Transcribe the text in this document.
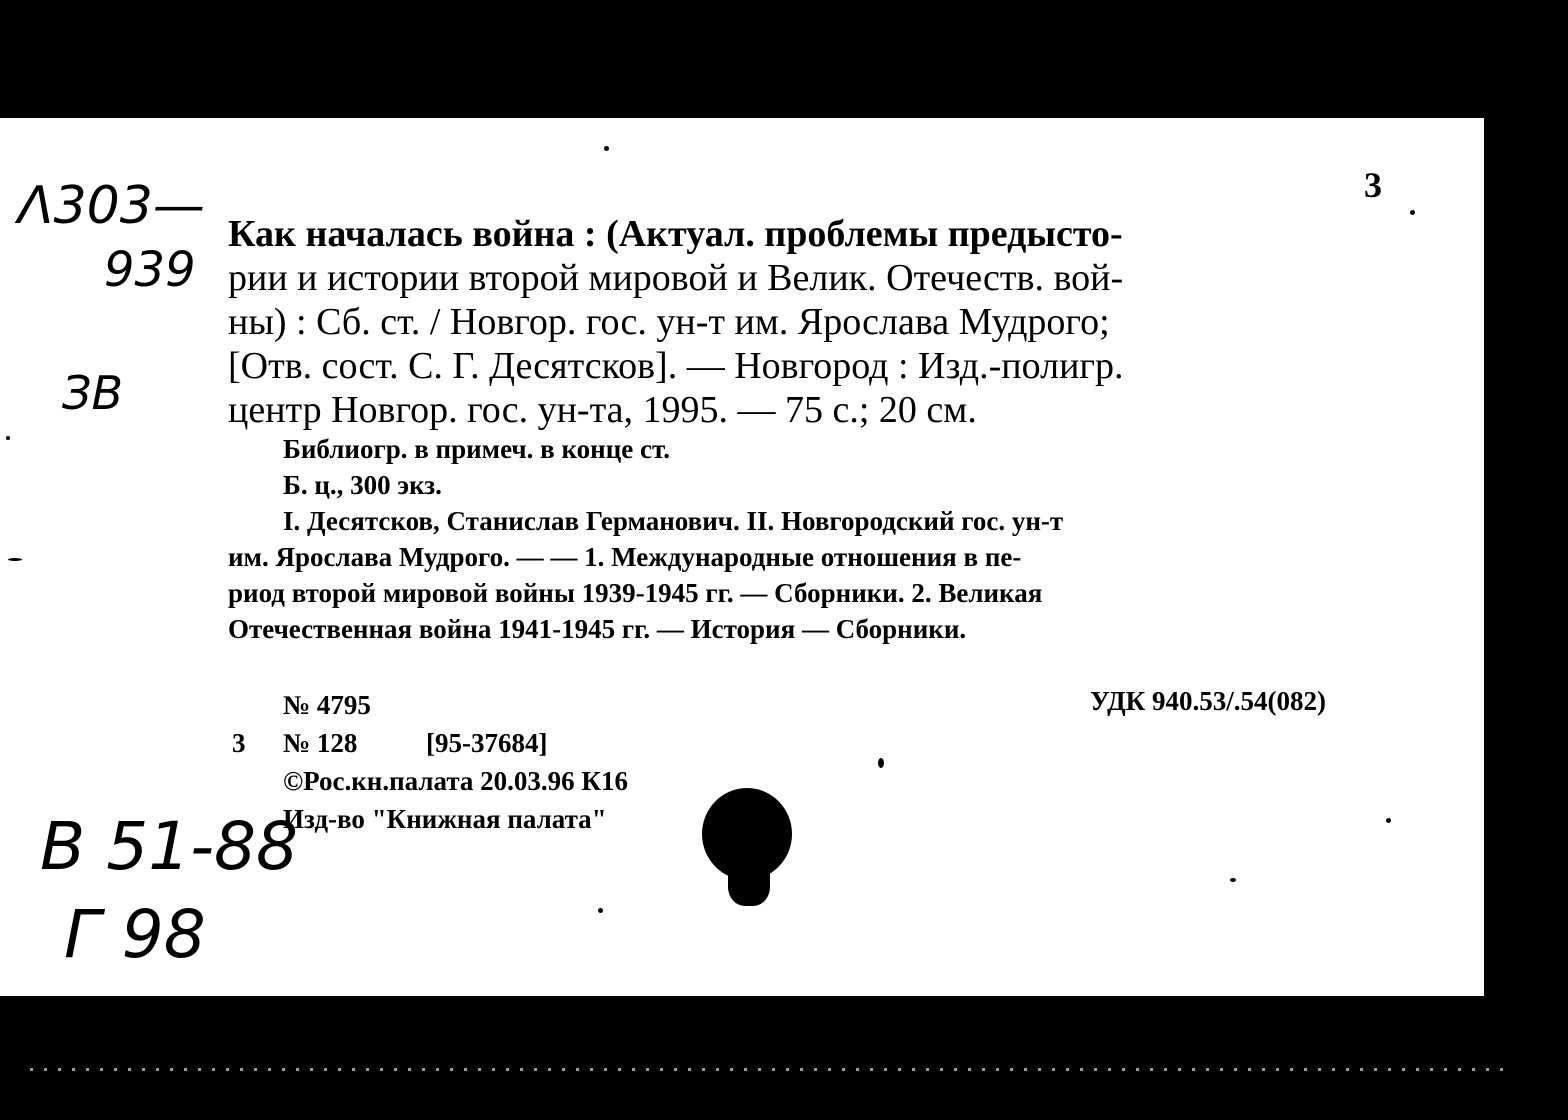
3
Λ303—
939
ЗВ
В 51-88
Г 98
Как началась война : (Актуал. проблемы предысто-
рии и истории второй мировой и Велик. Отечеств. вой-
ны) : Сб. ст. / Новгор. гос. ун-т им. Ярослава Мудрого;
[Отв. сост. С. Г. Десятсков]. — Новгород : Изд.-полигр.
центр Новгор. гос. ун-та, 1995. — 75 с.; 20 см.
Библиогр. в примеч. в конце ст.
Б. ц., 300 экз.
I. Десятсков, Станислав Германович. II. Новгородский гос. ун-т
им. Ярослава Мудрого. — — 1. Международные отношения в пе-
риод второй мировой войны 1939-1945 гг. — Сборники. 2. Великая
Отечественная война 1941-1945 гг. — История — Сборники.
№ 4795	УДК 940.53/.54(082)
3 № 128	[95-37684]
©Рос.кн.палата 20.03.96 К16
Изд-во "Книжная палата"
